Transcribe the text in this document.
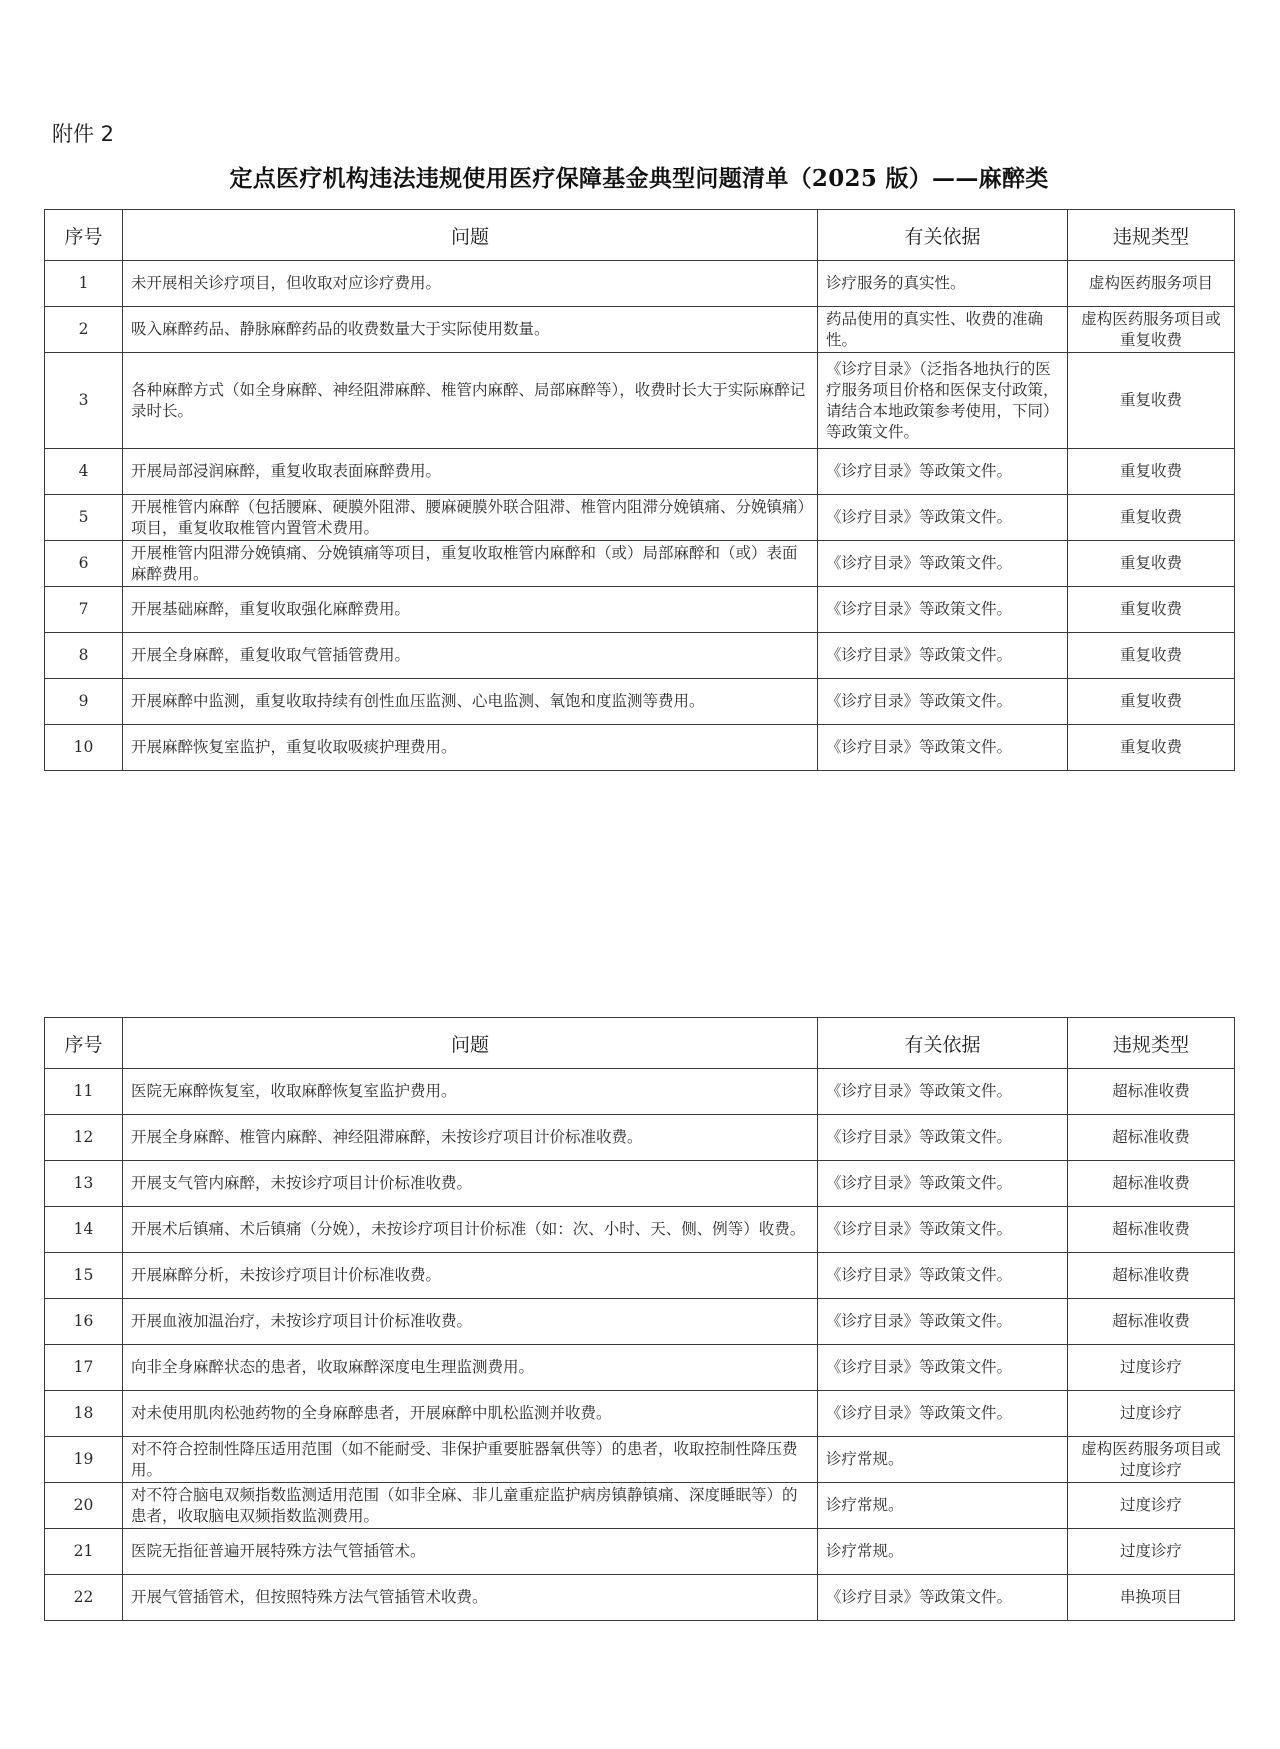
附件 2
定点医疗机构违法违规使用医疗保障基金典型问题清单（2025 版）——麻醉类
序号	问题	有关依据	违规类型
1	未开展相关诊疗项目，但收取对应诊疗费用。	诊疗服务的真实性。	虚构医药服务项目
2	吸入麻醉药品、静脉麻醉药品的收费数量大于实际使用数量。	药品使用的真实性、收费的准确性。	虚构医药服务项目或重复收费
3	各种麻醉方式（如全身麻醉、神经阻滞麻醉、椎管内麻醉、局部麻醉等），收费时长大于实际麻醉记录时长。	《诊疗目录》（泛指各地执行的医疗服务项目价格和医保支付政策，请结合本地政策参考使用，下同）等政策文件。	重复收费
4	开展局部浸润麻醉，重复收取表面麻醉费用。	《诊疗目录》等政策文件。	重复收费
5	开展椎管内麻醉（包括腰麻、硬膜外阻滞、腰麻硬膜外联合阻滞、椎管内阻滞分娩镇痛、分娩镇痛）项目，重复收取椎管内置管术费用。	《诊疗目录》等政策文件。	重复收费
6	开展椎管内阻滞分娩镇痛、分娩镇痛等项目，重复收取椎管内麻醉和（或）局部麻醉和（或）表面麻醉费用。	《诊疗目录》等政策文件。	重复收费
7	开展基础麻醉，重复收取强化麻醉费用。	《诊疗目录》等政策文件。	重复收费
8	开展全身麻醉，重复收取气管插管费用。	《诊疗目录》等政策文件。	重复收费
9	开展麻醉中监测，重复收取持续有创性血压监测、心电监测、氧饱和度监测等费用。	《诊疗目录》等政策文件。	重复收费
10	开展麻醉恢复室监护，重复收取吸痰护理费用。	《诊疗目录》等政策文件。	重复收费
序号	问题	有关依据	违规类型
11	医院无麻醉恢复室，收取麻醉恢复室监护费用。	《诊疗目录》等政策文件。	超标准收费
12	开展全身麻醉、椎管内麻醉、神经阻滞麻醉，未按诊疗项目计价标准收费。	《诊疗目录》等政策文件。	超标准收费
13	开展支气管内麻醉，未按诊疗项目计价标准收费。	《诊疗目录》等政策文件。	超标准收费
14	开展术后镇痛、术后镇痛（分娩），未按诊疗项目计价标准（如：次、小时、天、侧、例等）收费。	《诊疗目录》等政策文件。	超标准收费
15	开展麻醉分析，未按诊疗项目计价标准收费。	《诊疗目录》等政策文件。	超标准收费
16	开展血液加温治疗，未按诊疗项目计价标准收费。	《诊疗目录》等政策文件。	超标准收费
17	向非全身麻醉状态的患者，收取麻醉深度电生理监测费用。	《诊疗目录》等政策文件。	过度诊疗
18	对未使用肌肉松弛药物的全身麻醉患者，开展麻醉中肌松监测并收费。	《诊疗目录》等政策文件。	过度诊疗
19	对不符合控制性降压适用范围（如不能耐受、非保护重要脏器氧供等）的患者，收取控制性降压费用。	诊疗常规。	虚构医药服务项目或过度诊疗
20	对不符合脑电双频指数监测适用范围（如非全麻、非儿童重症监护病房镇静镇痛、深度睡眠等）的患者，收取脑电双频指数监测费用。	诊疗常规。	过度诊疗
21	医院无指征普遍开展特殊方法气管插管术。	诊疗常规。	过度诊疗
22	开展气管插管术，但按照特殊方法气管插管术收费。	《诊疗目录》等政策文件。	串换项目
